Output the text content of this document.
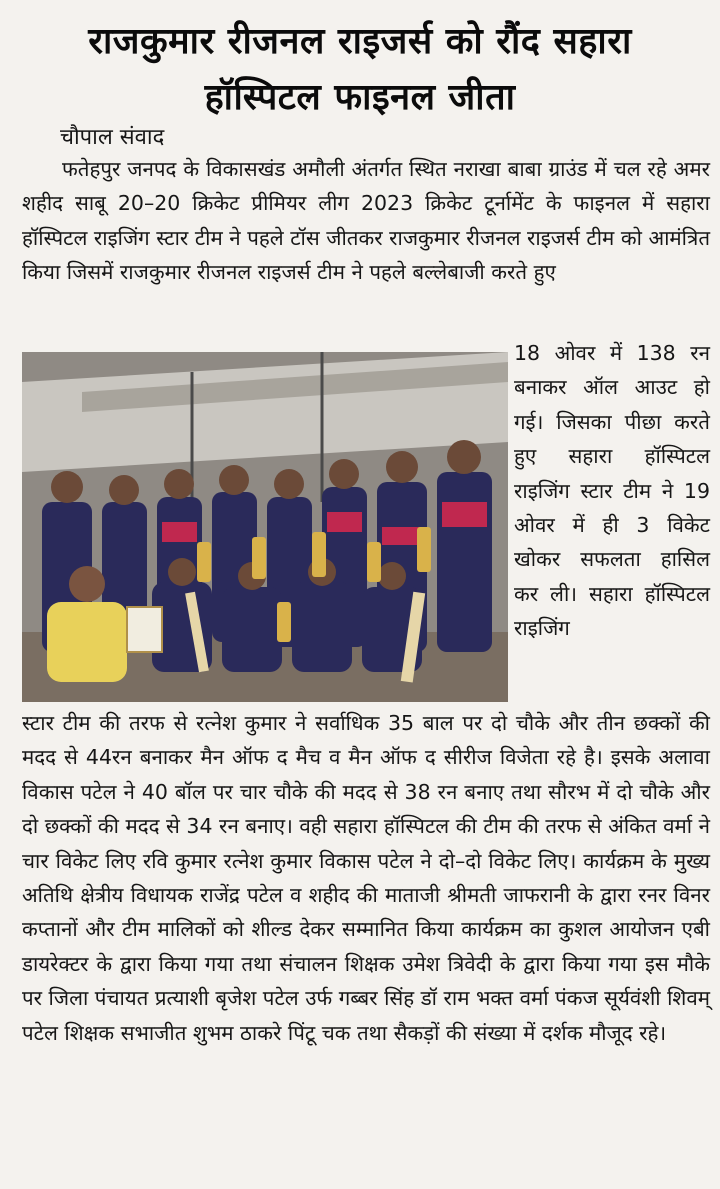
राजकुमार रीजनल राइजर्स को रौंद सहारा
हॉस्पिटल फाइनल जीता
चौपाल संवाद

फतेहपुर जनपद के विकासखंड अमौली अंतर्गत स्थित नराखा बाबा ग्राउंड में चल रहे अमर शहीद साबू 20–20 क्रिकेट प्रीमियर लीग 2023 क्रिकेट टूर्नामेंट के फाइनल में सहारा हॉस्पिटल राइजिंग स्टार टीम ने पहले टॉस जीतकर राजकुमार रीजनल राइजर्स टीम को आमंत्रित किया जिसमें राजकुमार रीजनल राइजर्स टीम ने पहले बल्लेबाजी करते हुए

18 ओवर में 138 रन बनाकर ऑल आउट हो गई। जिसका पीछा करते हुए सहारा हॉस्पिटल राइजिंग स्टार टीम ने 19 ओवर में ही 3 विकेट खोकर सफलता हासिल कर ली। सहारा हॉस्पिटल राइजिंग
स्टार टीम की तरफ से रत्नेश कुमार ने सर्वाधिक 35 बाल पर दो चौके और तीन छक्कों की मदद से 44रन बनाकर मैन ऑफ द मैच व मैन ऑफ द सीरीज विजेता रहे है। इसके अलावा विकास पटेल ने 40 बॉल पर चार चौके की मदद से 38 रन बनाए तथा सौरभ में दो चौके और दो छक्कों की मदद से 34 रन बनाए। वही सहारा हॉस्पिटल की टीम की तरफ से अंकित वर्मा ने चार विकेट लिए रवि कुमार रत्नेश कुमार विकास पटेल ने दो–दो विकेट लिए। कार्यक्रम के मुख्य अतिथि क्षेत्रीय विधायक राजेंद्र पटेल व शहीद की माताजी श्रीमती जाफरानी के द्वारा रनर विनर कप्तानों और टीम मालिकों को शील्ड देकर सम्मानित किया कार्यक्रम का कुशल आयोजन एबी डायरेक्टर के द्वारा किया गया तथा संचालन शिक्षक उमेश त्रिवेदी के द्वारा किया गया इस मौके पर जिला पंचायत प्रत्याशी बृजेश पटेल उर्फ गब्बर सिंह डॉ राम भक्त वर्मा पंकज सूर्यवंशी शिवम् पटेल शिक्षक सभाजीत शुभम ठाकरे पिंटू चक तथा सैकड़ों की संख्या में दर्शक मौजूद रहे।
